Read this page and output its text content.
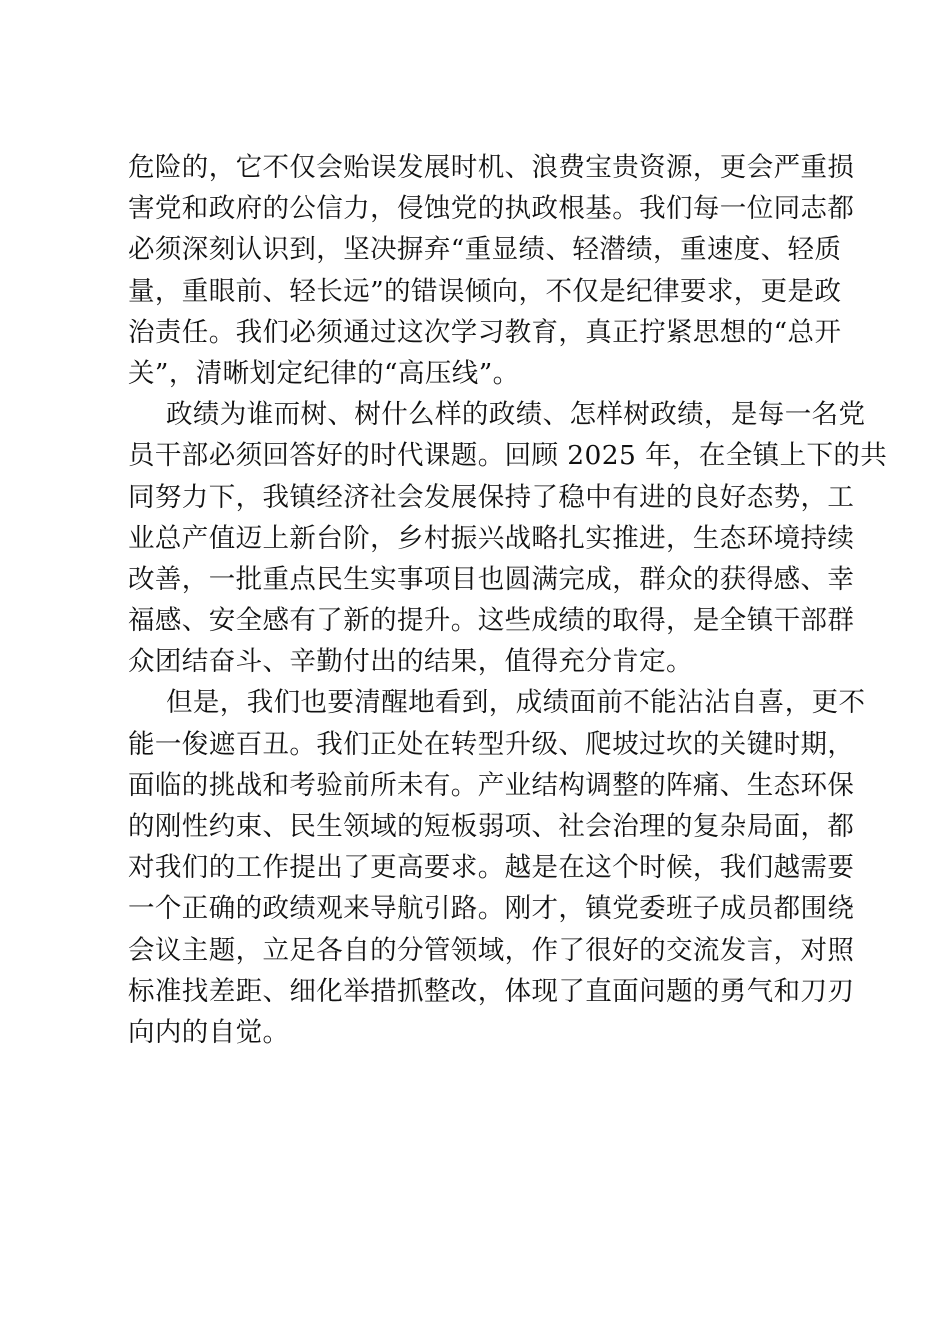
危险的，它不仅会贻误发展时机、浪费宝贵资源，更会严重损
害党和政府的公信力，侵蚀党的执政根基。我们每一位同志都
必须深刻认识到，坚决摒弃“重显绩、轻潜绩，重速度、轻质
量，重眼前、轻长远”的错误倾向，不仅是纪律要求，更是政
治责任。我们必须通过这次学习教育，真正拧紧思想的“总开
关”，清晰划定纪律的“高压线”。
政绩为谁而树、树什么样的政绩、怎样树政绩，是每一名党
员干部必须回答好的时代课题。回顾 2025 年，在全镇上下的共
同努力下，我镇经济社会发展保持了稳中有进的良好态势，工
业总产值迈上新台阶，乡村振兴战略扎实推进，生态环境持续
改善，一批重点民生实事项目也圆满完成，群众的获得感、幸
福感、安全感有了新的提升。这些成绩的取得，是全镇干部群
众团结奋斗、辛勤付出的结果，值得充分肯定。
但是，我们也要清醒地看到，成绩面前不能沾沾自喜，更不
能一俊遮百丑。我们正处在转型升级、爬坡过坎的关键时期，
面临的挑战和考验前所未有。产业结构调整的阵痛、生态环保
的刚性约束、民生领域的短板弱项、社会治理的复杂局面，都
对我们的工作提出了更高要求。越是在这个时候，我们越需要
一个正确的政绩观来导航引路。刚才，镇党委班子成员都围绕
会议主题，立足各自的分管领域，作了很好的交流发言，对照
标准找差距、细化举措抓整改，体现了直面问题的勇气和刀刃
向内的自觉。
